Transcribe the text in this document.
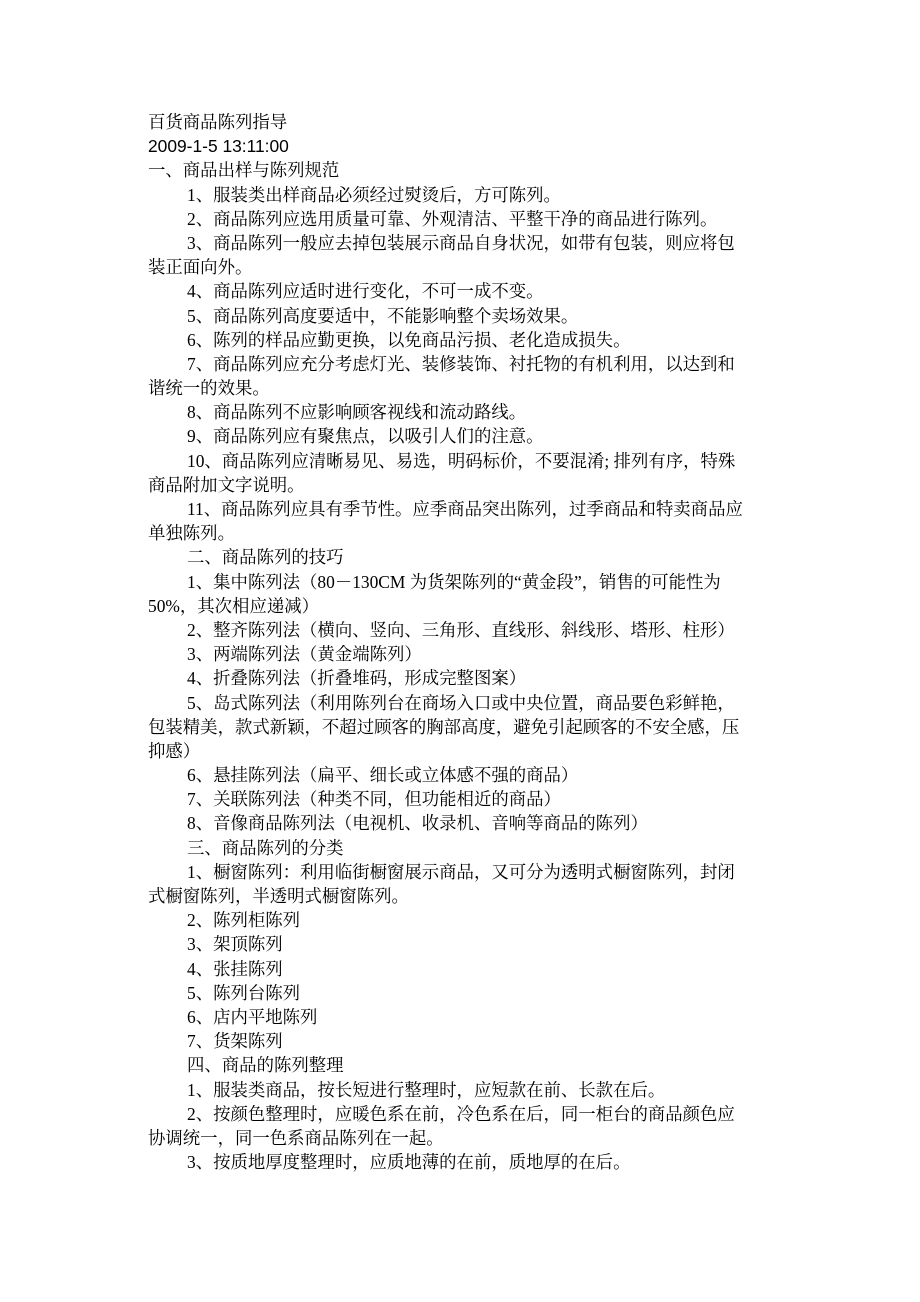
百货商品陈列指导
2009-1-5 13:11:00
一、商品出样与陈列规范
1、服装类出样商品必须经过熨烫后，方可陈列。
2、商品陈列应选用质量可靠、外观清洁、平整干净的商品进行陈列。
3、商品陈列一般应去掉包装展示商品自身状况，如带有包装，则应将包
装正面向外。
4、商品陈列应适时进行变化，不可一成不变。
5、商品陈列高度要适中，不能影响整个卖场效果。
6、陈列的样品应勤更换，以免商品污损、老化造成损失。
7、商品陈列应充分考虑灯光、装修装饰、衬托物的有机利用，以达到和
谐统一的效果。
8、商品陈列不应影响顾客视线和流动路线。
9、商品陈列应有聚焦点，以吸引人们的注意。
10、商品陈列应清晰易见、易选，明码标价，不要混淆; 排列有序，特殊
商品附加文字说明。
11、商品陈列应具有季节性。应季商品突出陈列，过季商品和特卖商品应
单独陈列。
二、商品陈列的技巧
1、集中陈列法（80－130CM 为货架陈列的“黄金段”，销售的可能性为
50%，其次相应递减）
2、整齐陈列法（横向、竖向、三角形、直线形、斜线形、塔形、柱形）
3、两端陈列法（黄金端陈列）
4、折叠陈列法（折叠堆码，形成完整图案）
5、岛式陈列法（利用陈列台在商场入口或中央位置，商品要色彩鲜艳，
包装精美，款式新颖，不超过顾客的胸部高度，避免引起顾客的不安全感，压
抑感）
6、悬挂陈列法（扁平、细长或立体感不强的商品）
7、关联陈列法（种类不同，但功能相近的商品）
8、音像商品陈列法（电视机、收录机、音响等商品的陈列）
三、商品陈列的分类
1、橱窗陈列：利用临街橱窗展示商品，又可分为透明式橱窗陈列，封闭
式橱窗陈列，半透明式橱窗陈列。
2、陈列柜陈列
3、架顶陈列
4、张挂陈列
5、陈列台陈列
6、店内平地陈列
7、货架陈列
四、商品的陈列整理
1、服装类商品，按长短进行整理时，应短款在前、长款在后。
2、按颜色整理时，应暖色系在前，冷色系在后，同一柜台的商品颜色应
协调统一，同一色系商品陈列在一起。
3、按质地厚度整理时，应质地薄的在前，质地厚的在后。
